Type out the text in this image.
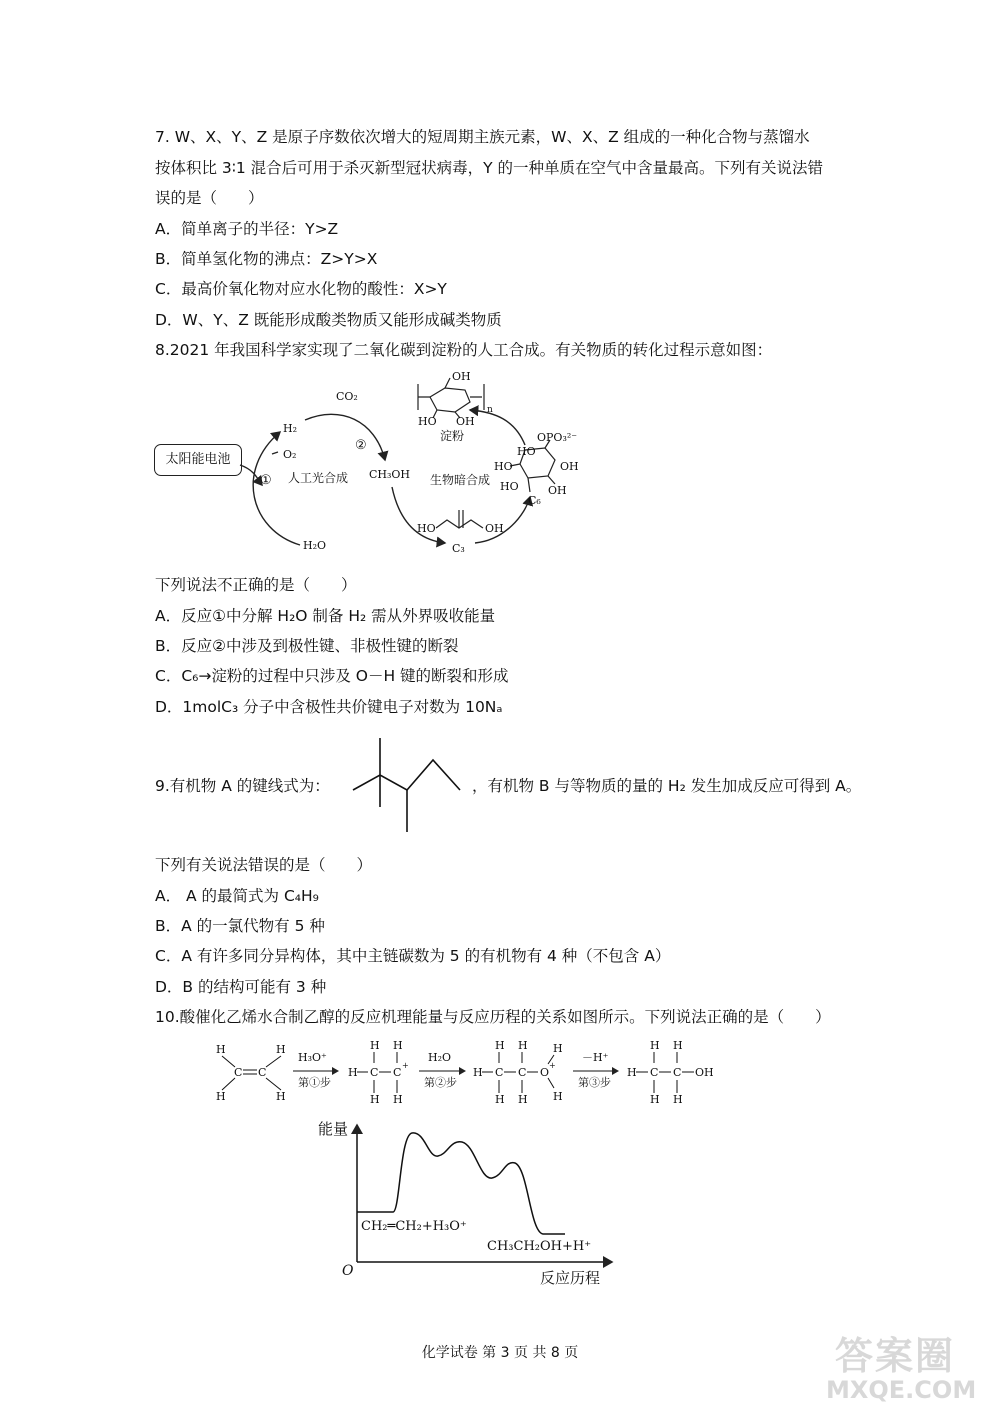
7. W、X、Y、Z 是原子序数依次增大的短周期主族元素，W、X、Z 组成的一种化合物与蒸馏水
按体积比 3∶1 混合后可用于杀灭新型冠状病毒，Y 的一种单质在空气中含量最高。下列有关说法错
误的是（　　）
A．简单离子的半径：Y>Z
B．简单氢化物的沸点：Z>Y>X
C．最高价氧化物对应水化物的酸性：X>Y
D．W、Y、Z 既能形成酸类物质又能形成碱类物质
8.2021 年我国科学家实现了二氧化碳到淀粉的人工合成。有关物质的转化过程示意如图：
太阳能电池
CO₂
H₂
O₂
②
① 人工光合成 CH₃OH
H₂O
生物暗合成
OH
HO OH
n
淀粉	OPO₃²⁻
HO
HO	OH
HO	OH
C₆
HO	OH
C₃
下列说法不正确的是（　　）
A．反应①中分解 H₂O 制备 H₂ 需从外界吸收能量
B．反应②中涉及到极性键、非极性键的断裂
C．C₆→淀粉的过程中只涉及 O－H 键的断裂和形成
D．1molC₃ 分子中含极性共价键电子对数为 10Nₐ
9.有机物 A 的键线式为：	，有机物 B 与等物质的量的 H₂ 发生加成反应可得到 A。
下列有关说法错误的是（　　）
A． A 的最简式为 C₄H₉
B．A 的一氯代物有 5 种
C．A 有许多同分异构体，其中主链碳数为 5 的有机物有 4 种（不包含 A）
D．B 的结构可能有 3 种
10.酸催化乙烯水合制乙醇的反应机理能量与反应历程的关系如图所示。下列说法正确的是（　　）
H	H
C C
H	H
H₃O⁺
第①步
H C C
+
H H
H H
H₂O
第②步
H C C O
+
H H
H H
H
H
－H⁺
第③步
H C C OH
H H
H H
能量
反应历程
O
CH₂═CH₂+H₃O⁺
CH₃CH₂OH+H⁺
化学试卷 第 3 页 共 8 页	答案圈
MXQE.COM
